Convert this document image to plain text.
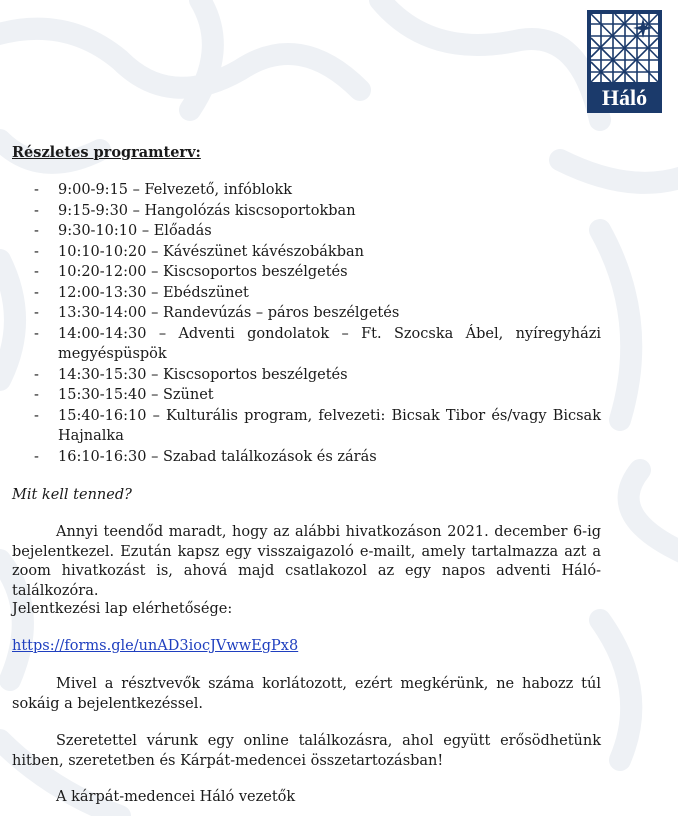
Háló
Részletes programterv:
- 9:00-9:15 – Felvezető, infóblokk
- 9:15-9:30 – Hangolózás kiscsoportokban
- 9:30-10:10 – Előadás
- 10:10-10:20 – Kávészünet kávészobákban
- 10:20-12:00 – Kiscsoportos beszélgetés
- 12:00-13:30 – Ebédszünet
- 13:30-14:00 – Randevúzás – páros beszélgetés
- 14:00-14:30 – Adventi gondolatok – Ft. Szocska Ábel, nyíregyházi megyéspüspök
- 14:30-15:30 – Kiscsoportos beszélgetés
- 15:30-15:40 – Szünet
- 15:40-16:10 – Kulturális program, felvezeti: Bicsak Tibor és/vagy Bicsak Hajnalka
- 16:10-16:30 – Szabad találkozások és zárás
Mit kell tenned?
Annyi teendőd maradt, hogy az alábbi hivatkozáson 2021. december 6-ig bejelentkezel. Ezután kapsz egy visszaigazoló e-mailt, amely tartalmazza azt a zoom hivatkozást is, ahová majd csatlakozol az egy napos adventi Háló-találkozóra.
Jelentkezési lap elérhetősége:
https://forms.gle/unAD3iocJVwwEgPx8
Mivel a résztvevők száma korlátozott, ezért megkérünk, ne habozz túl sokáig a bejelentkezéssel.
Szeretettel várunk egy online találkozásra, ahol együtt erősödhetünk hitben, szeretetben és Kárpát-medencei összetartozásban!
A kárpát-medencei Háló vezetők
